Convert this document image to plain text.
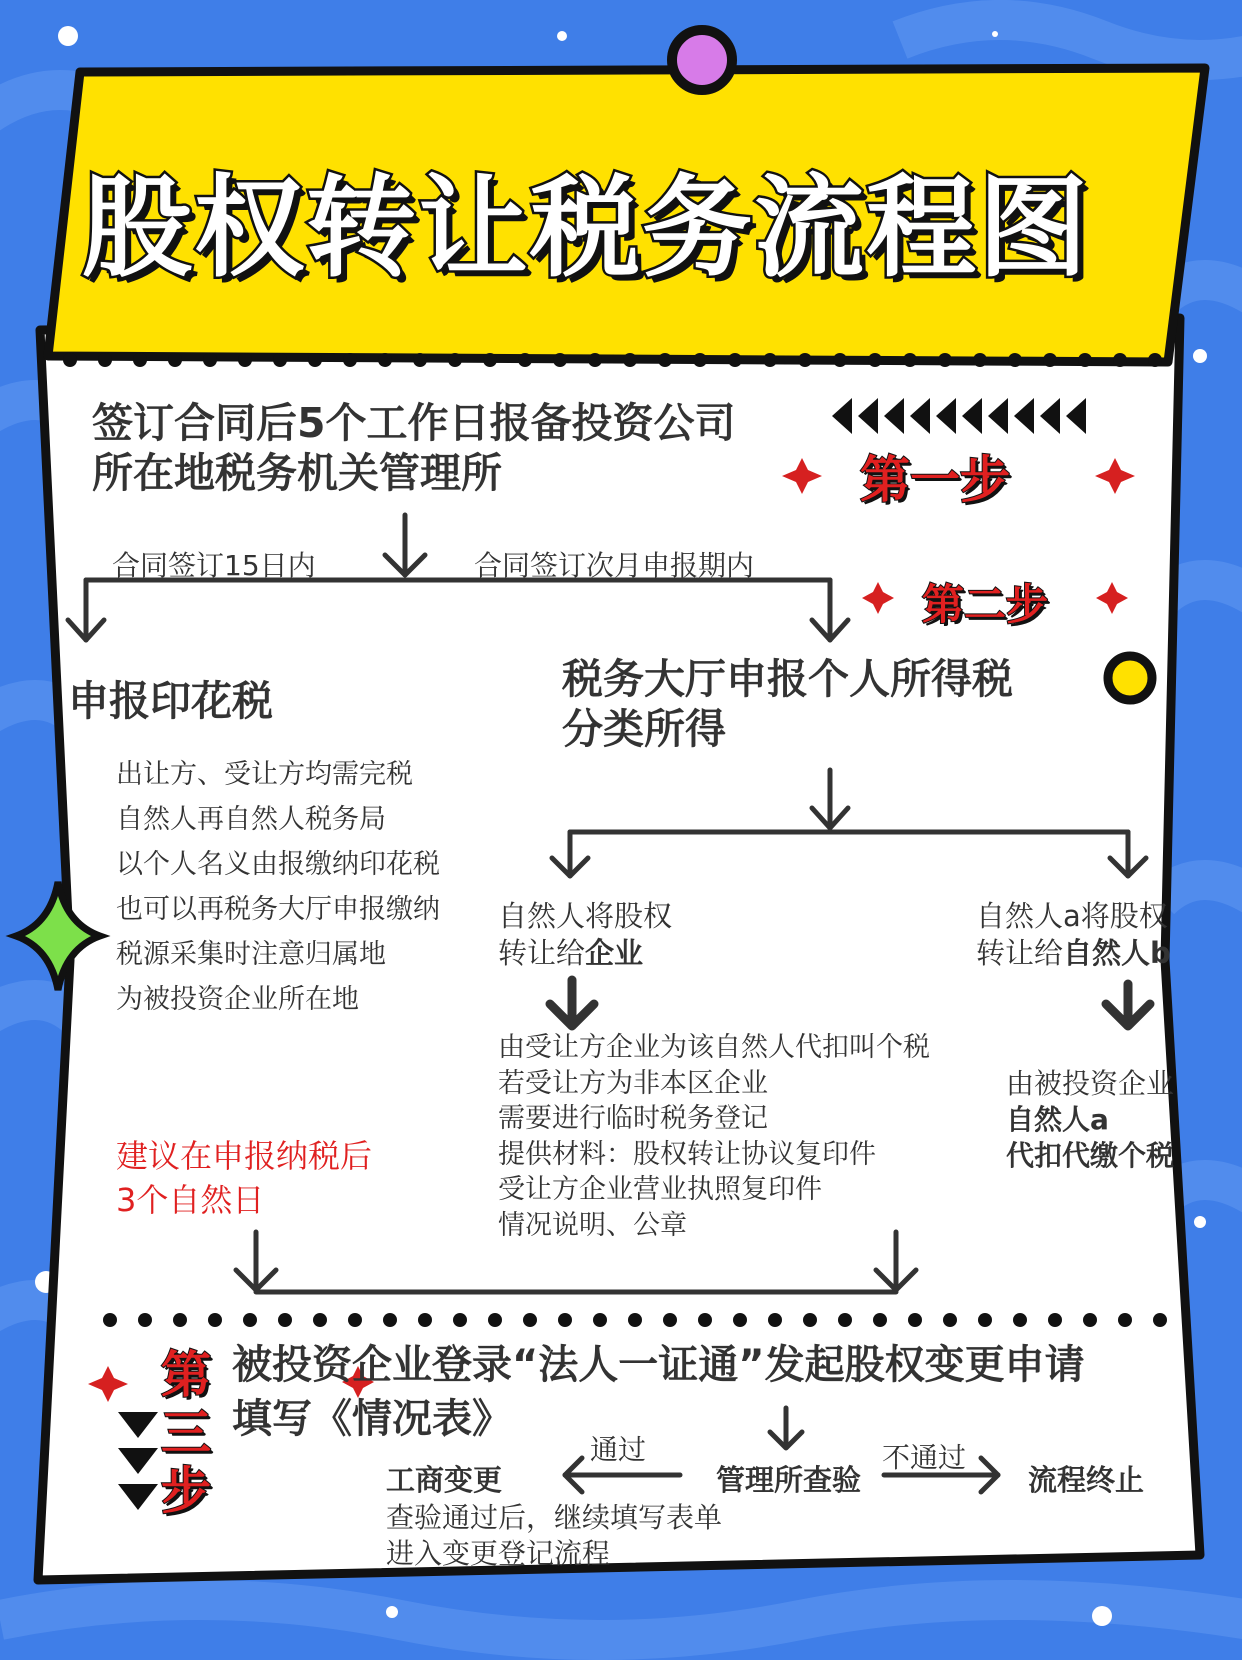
股权转让税务流程图
签订合同后5个工作日报备投资公司
所在地税务机关管理所	第一步
合同签订15日内	合同签订次月申报期内
第二步
申报印花税
出让方、受让方均需完税
自然人再自然人税务局
以个人名义由报缴纳印花税
也可以再税务大厅申报缴纳
税源采集时注意归属地
为被投资企业所在地
建议在申报纳税后
3个自然日
税务大厅申报个人所得税
分类所得
自然人将股权
转让给企业
自然人a将股权
转让给自然人b
由受让方企业为该自然人代扣叫个税
若受让方为非本区企业
需要进行临时税务登记
提供材料：股权转让协议复印件
受让方企业营业执照复印件
情况说明、公章
由被投资企业
自然人a
代扣代缴个税
第
三
步
被投资企业登录“法人一证通”发起股权变更申请
填写《情况表》
通过	不通过
管理所查验
工商变更	流程终止
查验通过后，继续填写表单
进入变更登记流程
